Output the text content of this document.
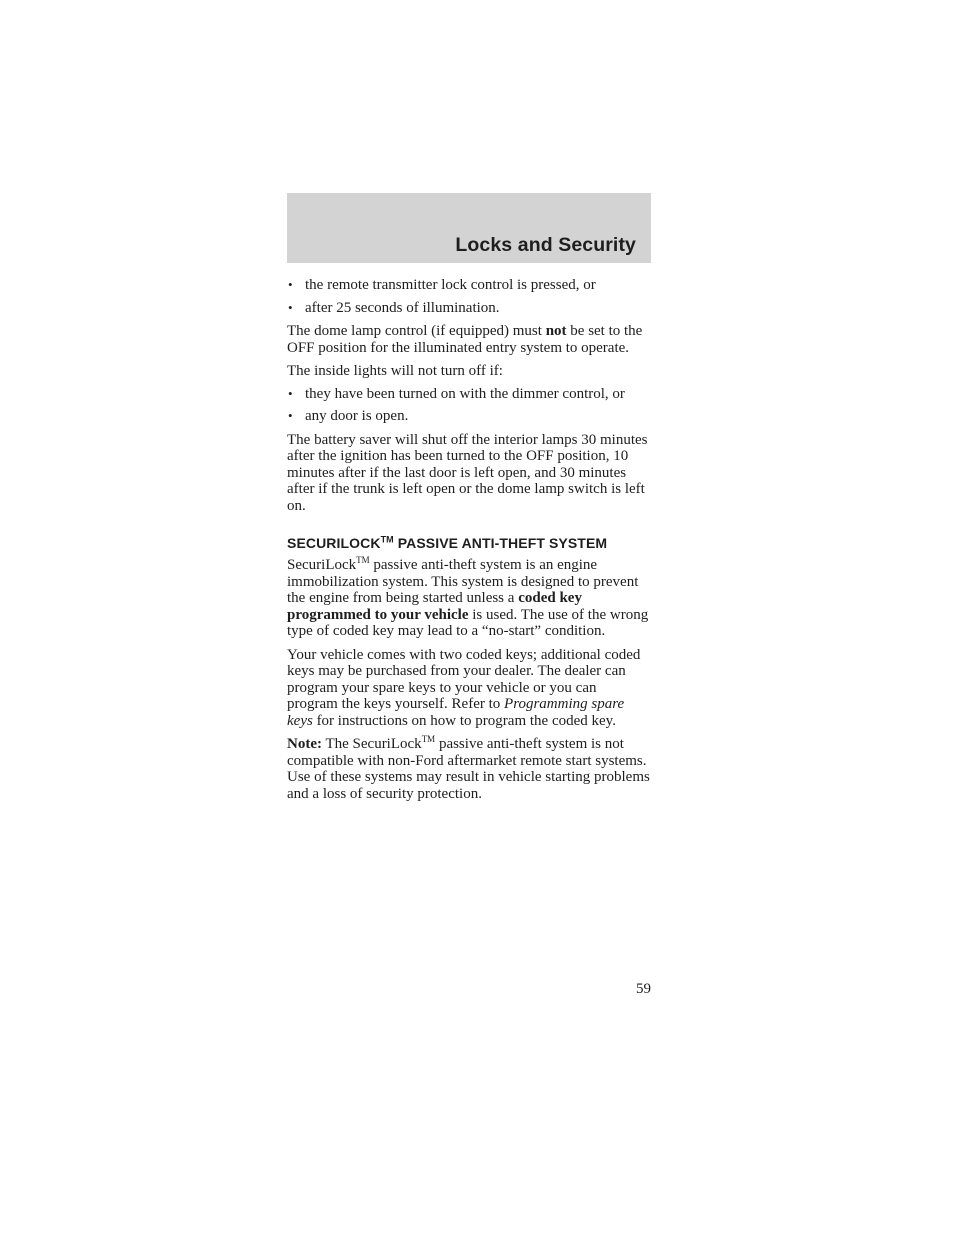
Locks and Security
• the remote transmitter lock control is pressed, or
• after 25 seconds of illumination.

The dome lamp control (if equipped) must not be set to the OFF position for the illuminated entry system to operate.

The inside lights will not turn off if:

• they have been turned on with the dimmer control, or
• any door is open.

The battery saver will shut off the interior lamps 30 minutes after the ignition has been turned to the OFF position, 10 minutes after if the last door is left open, and 30 minutes after if the trunk is left open or the dome lamp switch is left on.

SECURILOCK™ PASSIVE ANTI-THEFT SYSTEM

SecuriLock™ passive anti-theft system is an engine immobilization system. This system is designed to prevent the engine from being started unless a coded key programmed to your vehicle is used. The use of the wrong type of coded key may lead to a “no-start” condition.

Your vehicle comes with two coded keys; additional coded keys may be purchased from your dealer. The dealer can program your spare keys to your vehicle or you can program the keys yourself. Refer to Programming spare keys for instructions on how to program the coded key.

Note: The SecuriLock™ passive anti-theft system is not compatible with non-Ford aftermarket remote start systems. Use of these systems may result in vehicle starting problems and a loss of security protection.

59
